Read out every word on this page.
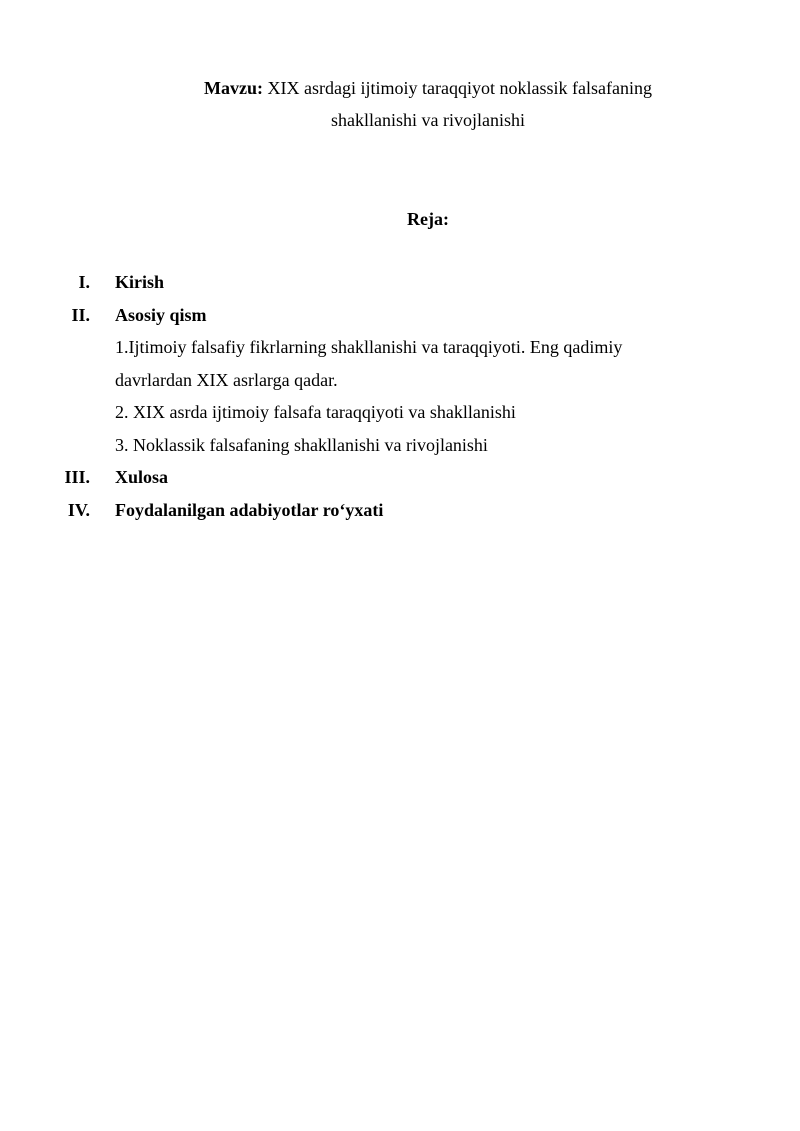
Mavzu: XIX asrdagi ijtimoiy taraqqiyot noklassik falsafaning
shakllanishi va rivojlanishi
Reja:
I. Kirish
II. Asosiy qism
1.Ijtimoiy falsafiy fikrlarning shakllanishi va taraqqiyoti. Eng qadimiy
davrlardan XIX asrlarga qadar.
2. XIX asrda ijtimoiy falsafa taraqqiyoti va shakllanishi
3. Noklassik falsafaning shakllanishi va rivojlanishi
III. Xulosa
IV. Foydalanilgan adabiyotlar ro‘yxati
